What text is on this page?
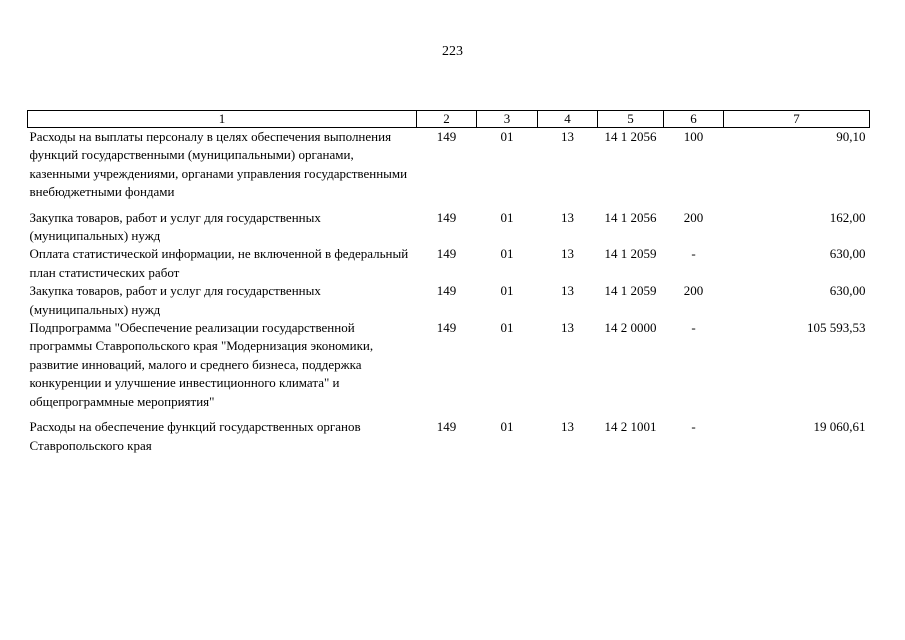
223
1	2	3	4	5	6	7
Расходы на выплаты персоналу в целях обеспечения выполнения функций государственными (муниципальными) органами, казенными учреждениями, органами управления государственными внебюджетными фондами	149	01	13	14 1 2056	100	90,10
Закупка товаров, работ и услуг для государственных (муниципальных) нужд	149	01	13	14 1 2056	200	162,00
Оплата статистической информации, не включенной в федеральный план статистических работ	149	01	13	14 1 2059	-	630,00
Закупка товаров, работ и услуг для государственных (муниципальных) нужд	149	01	13	14 1 2059	200	630,00
Подпрограмма "Обеспечение реализации государственной программы Ставропольского края "Модернизация экономики, развитие инноваций, малого и среднего бизнеса, поддержка конкуренции и улучшение инвестиционного климата" и общепрограммные мероприятия"	149	01	13	14 2 0000	-	105 593,53
Расходы на обеспечение функций государственных органов Ставропольского края	149	01	13	14 2 1001	-	19 060,61
